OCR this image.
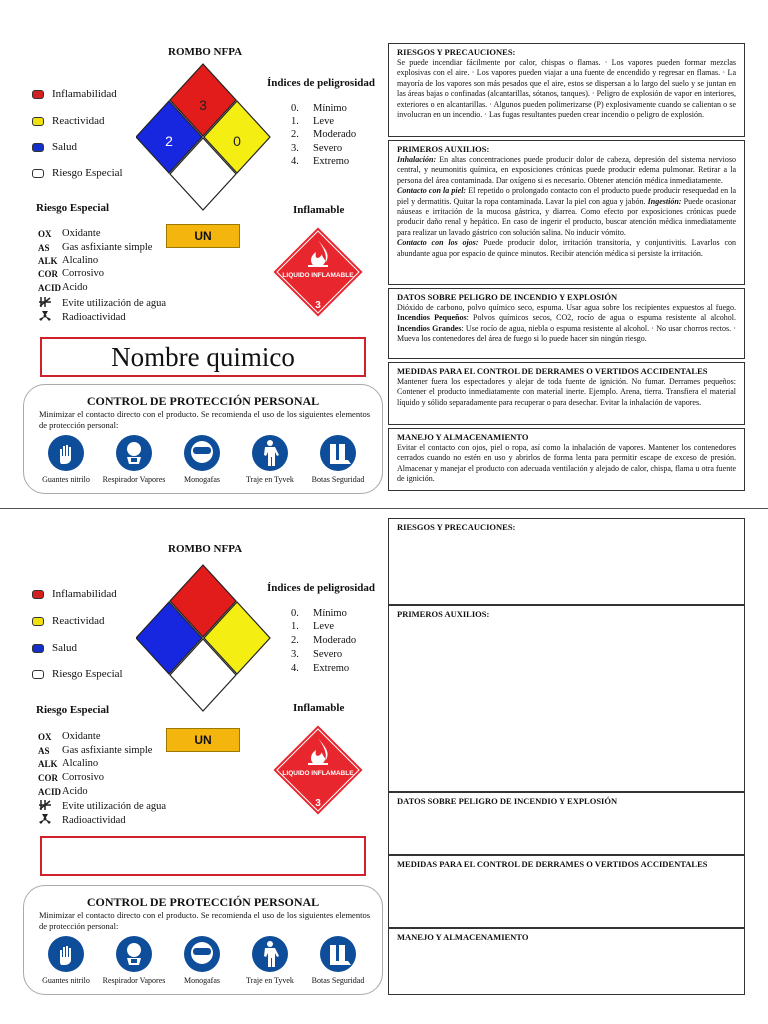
ROMBO NFPA
Inflamabilidad
Reactividad
Salud
Riesgo Especial
3
2	0
Índices de peligrosidad
0. Mínimo
1. Leve
2. Moderado
3. Severo
4. Extremo
Riesgo Especial
OX	Oxidante
AS	Gas asfixiante simple
ALK Alcalino
COR Corrosivo
ACID Acido
Evite utilización de agua
Radioactividad
UN
Inflamable
LIQUIDO INFLAMABLE
3
Nombre quimico
CONTROL DE PROTECCIÓN PERSONAL
Minimizar el contacto directo con el producto. Se recomienda el uso de los siguientes elementos de protección personal:
Guantes nitrilo	Respirador Vapores	Monogafas	Traje en Tyvek	Botas Seguridad
RIESGOS Y PRECAUCIONES:
Se puede incendiar fácilmente por calor, chispas o flamas. · Los vapores pueden formar mezclas explosivas con el aire. · Los vapores pueden viajar a una fuente de encendido y regresar en flamas. · La mayoría de los vapores son más pesados que el aire, estos se dispersan a lo largo del suelo y se juntan en las áreas bajas o confinadas (alcantarillas, sótanos, tanques). · Peligro de explosión de vapor en interiores, exteriores o en alcantarillas. · Algunos pueden polimerizarse (P) explosivamente cuando se calientan o se involucran en un incendio. · Las fugas resultantes pueden crear incendio o peligro de explosión.
PRIMEROS AUXILIOS:
Inhalación: En altas concentraciones puede producir dolor de cabeza, depresión del sistema nervioso central, y neumonitis química, en exposiciones crónicas puede producir edema pulmonar. Retirar a la persona del área contaminada. Dar oxígeno si es necesario. Obtener atención médica inmediatamente.
Contacto con la piel: El repetido o prolongado contacto con el producto puede producir resequedad en la piel y dermatitis. Quitar la ropa contaminada. Lavar la piel con agua y jabón. Ingestión: Puede ocasionar náuseas e irritación de la mucosa gástrica, y diarrea. Como efecto por exposiciones crónicas puede producir daño renal y hepático. En caso de ingerir el producto, buscar atención médica inmediatamente para realizar un lavado gástrico con solución salina. No inducir vómito.
Contacto con los ojos: Puede producir dolor, irritación transitoria, y conjuntivitis. Lavarlos con abundante agua por espacio de quince minutos. Recibir atención médica si persiste la irritación.
DATOS SOBRE PELIGRO DE INCENDIO Y EXPLOSIÓN
Dióxido de carbono, polvo químico seco, espuma. Usar agua sobre los recipientes expuestos al fuego. Incendios Pequeños: Polvos químicos secos, CO2, rocío de agua o espuma resistente al alcohol. Incendios Grandes: Use rocío de agua, niebla o espuma resistente al alcohol. · No usar chorros rectos. · Mueva los contenedores del área de fuego si lo puede hacer sin ningún riesgo.
MEDIDAS PARA EL CONTROL DE DERRAMES O VERTIDOS ACCIDENTALES
Mantener fuera los espectadores y alejar de toda fuente de ignición. No fumar. Derrames pequeños: Contener el producto inmediatamente con material inerte. Ejemplo. Arena, tierra. Transfiera el material líquido y sólido separadamente para recuperar o para desechar. Evitar la inhalación de vapores.
MANEJO Y ALMACENAMIENTO
Evitar el contacto con ojos, piel o ropa, así como la inhalación de vapores. Mantener los contenedores cerrados cuando no estén en uso y abrirlos de forma lenta para permitir escape de exceso de presión. Almacenar y manejar el producto con adecuada ventilación y alejado de calor, chispa, flama u otra fuente de ignición.
ROMBO NFPA
Inflamabilidad
Reactividad
Salud
Riesgo Especial
Índices de peligrosidad
0. Mínimo
1. Leve
2. Moderado
3. Severo
4. Extremo
Riesgo Especial
OX	Oxidante
AS	Gas asfixiante simple
ALK Alcalino
COR Corrosivo
ACID Acido
Evite utilización de agua
Radioactividad
UN
Inflamable
LIQUIDO INFLAMABLE
3
CONTROL DE PROTECCIÓN PERSONAL
Minimizar el contacto directo con el producto. Se recomienda el uso de los siguientes elementos de protección personal:
Guantes nitrilo	Respirador Vapores	Monogafas	Traje en Tyvek	Botas Seguridad
RIESGOS Y PRECAUCIONES:
PRIMEROS AUXILIOS:
DATOS SOBRE PELIGRO DE INCENDIO Y EXPLOSIÓN
MEDIDAS PARA EL CONTROL DE DERRAMES O VERTIDOS ACCIDENTALES
MANEJO Y ALMACENAMIENTO
